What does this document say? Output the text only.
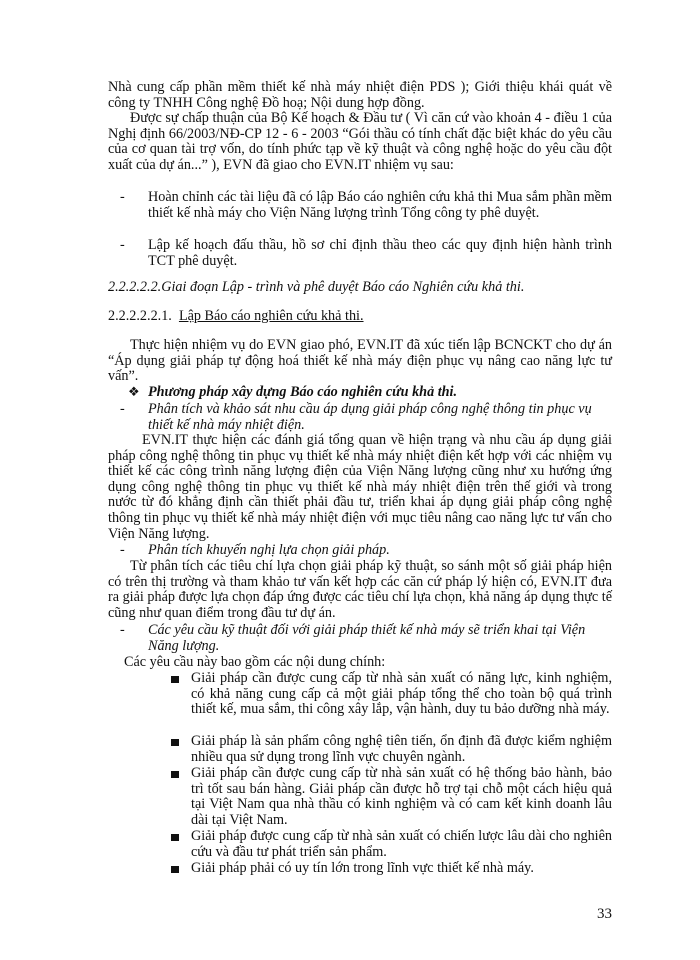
Nhà cung cấp phần mềm thiết kế nhà máy nhiệt điện PDS ); Giới thiệu khái quát về công ty TNHH Công nghệ Đồ hoạ; Nội dung hợp đồng.

Được sự chấp thuận của Bộ Kế hoạch & Đầu tư ( Vì căn cứ vào khoản 4 - điều 1 của Nghị định 66/2003/NĐ-CP 12 - 6 - 2003 “Gói thầu có tính chất đặc biệt khác do yêu cầu của cơ quan tài trợ vốn, do tính phức tạp về kỹ thuật và công nghệ hoặc do yêu cầu đột xuất của dự án...” ), EVN đã giao cho EVN.IT nhiệm vụ sau:

-	Hoàn chỉnh các tài liệu đã có lập Báo cáo nghiên cứu khả thi Mua sắm phần mềm thiết kế nhà máy cho Viện Năng lượng trình Tổng công ty phê duyệt.

-	Lập kế hoạch đấu thầu, hồ sơ chỉ định thầu theo các quy định hiện hành trình TCT phê duyệt.

2.2.2.2.2.Giai đoạn Lập - trình và phê duyệt Báo cáo Nghiên cứu khả thi.

2.2.2.2.2.1. Lập Báo cáo nghiên cứu khả thi.

Thực hiện nhiệm vụ do EVN giao phó, EVN.IT đã xúc tiến lập BCNCKT cho dự án “Áp dụng giải pháp tự động hoá thiết kế nhà máy điện phục vụ nâng cao năng lực tư vấn”.

❖ Phương pháp xây dựng Báo cáo nghiên cứu khả thi.

-	Phân tích và khảo sát nhu cầu áp dụng giải pháp công nghệ thông tin phục vụ thiết kế nhà máy nhiệt điện.

EVN.IT thực hiện các đánh giá tổng quan về hiện trạng và nhu cầu áp dụng giải pháp công nghệ thông tin phục vụ thiết kế nhà máy nhiệt điện kết hợp với các nhiệm vụ thiết kế các công trình năng lượng điện của Viện Năng lượng cũng như xu hướng ứng dụng công nghệ thông tin phục vụ thiết kế nhà máy nhiệt điện trên thế giới và trong nước từ đó khẳng định cần thiết phải đầu tư, triển khai áp dụng giải pháp công nghệ thông tin phục vụ thiết kế nhà máy nhiệt điện với mục tiêu nâng cao năng lực tư vấn cho Viện Năng lượng.

-	Phân tích khuyến nghị lựa chọn giải pháp.

Từ phân tích các tiêu chí lựa chọn giải pháp kỹ thuật, so sánh một số giải pháp hiện có trên thị trường và tham khảo tư vấn kết hợp các căn cứ pháp lý hiện có, EVN.IT đưa ra giải pháp được lựa chọn đáp ứng được các tiêu chí lựa chọn, khả năng áp dụng thực tế cũng như quan điểm trong đầu tư dự án.

-	Các yêu cầu kỹ thuật đối với giải pháp thiết kế nhà máy sẽ triển khai tại Viện Năng lượng.

Các yêu cầu này bao gồm các nội dung chính:

Giải pháp cần được cung cấp từ nhà sản xuất có năng lực, kinh nghiệm, có khả năng cung cấp cả một giải pháp tổng thể cho toàn bộ quá trình thiết kế, mua sắm, thi công xây lắp, vận hành, duy tu bảo dưỡng nhà máy.

Giải pháp là sản phẩm công nghệ tiên tiến, ổn định đã được kiểm nghiệm nhiều qua sử dụng trong lĩnh vực chuyên ngành.

Giải pháp cần được cung cấp từ nhà sản xuất có hệ thống bảo hành, bảo trì tốt sau bán hàng. Giải pháp cần được hỗ trợ tại chỗ một cách hiệu quả tại Việt Nam qua nhà thầu có kinh nghiệm và có cam kết kinh doanh lâu dài tại Việt Nam.

Giải pháp được cung cấp từ nhà sản xuất có chiến lược lâu dài cho nghiên cứu và đầu tư phát triển sản phẩm.

Giải pháp phải có uy tín lớn trong lĩnh vực thiết kế nhà máy.

33
